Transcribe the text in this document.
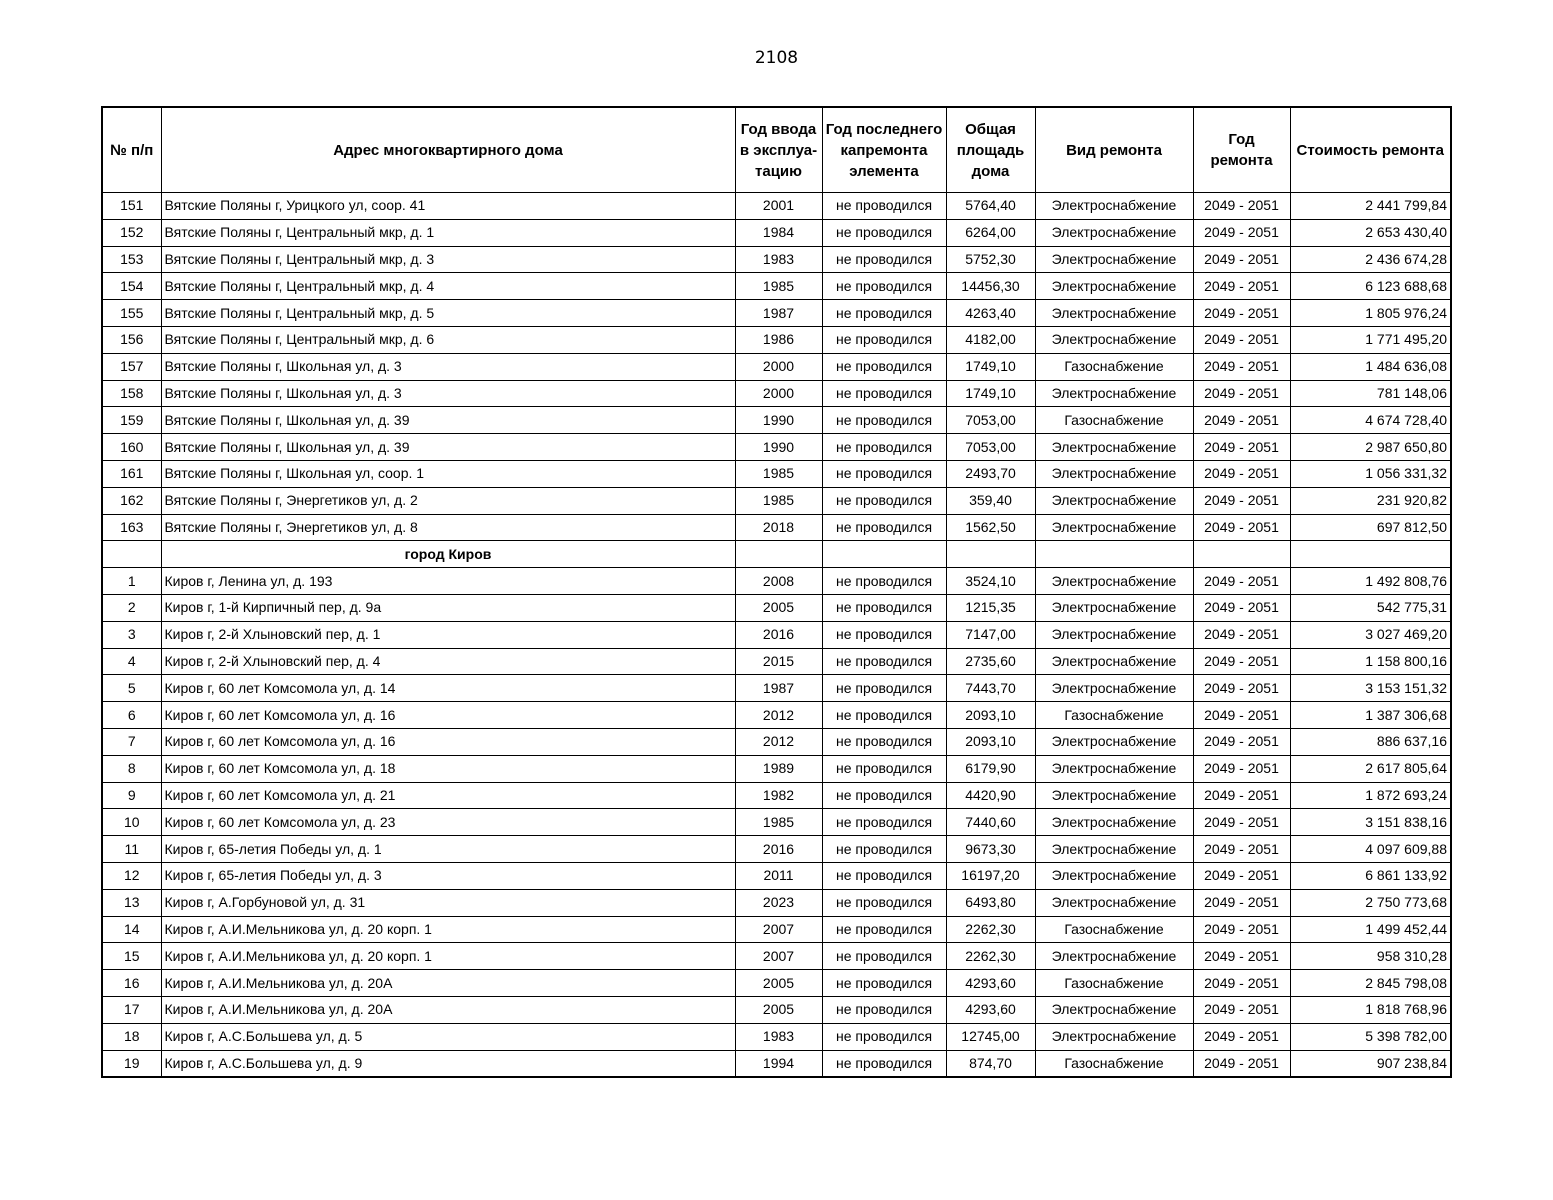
2108
№ п/п	Адрес многоквартирного дома	Год ввода в эксплуа-тацию	Год последнего капремонта элемента	Общая площадь дома	Вид ремонта	Год ремонта	Стоимость ремонта
151	Вятские Поляны г, Урицкого ул, соор. 41	2001	не проводился	5764,40	Электроснабжение	2049 - 2051	2 441 799,84
152	Вятские Поляны г, Центральный мкр, д. 1	1984	не проводился	6264,00	Электроснабжение	2049 - 2051	2 653 430,40
153	Вятские Поляны г, Центральный мкр, д. 3	1983	не проводился	5752,30	Электроснабжение	2049 - 2051	2 436 674,28
154	Вятские Поляны г, Центральный мкр, д. 4	1985	не проводился	14456,30	Электроснабжение	2049 - 2051	6 123 688,68
155	Вятские Поляны г, Центральный мкр, д. 5	1987	не проводился	4263,40	Электроснабжение	2049 - 2051	1 805 976,24
156	Вятские Поляны г, Центральный мкр, д. 6	1986	не проводился	4182,00	Электроснабжение	2049 - 2051	1 771 495,20
157	Вятские Поляны г, Школьная ул, д. 3	2000	не проводился	1749,10	Газоснабжение	2049 - 2051	1 484 636,08
158	Вятские Поляны г, Школьная ул, д. 3	2000	не проводился	1749,10	Электроснабжение	2049 - 2051	781 148,06
159	Вятские Поляны г, Школьная ул, д. 39	1990	не проводился	7053,00	Газоснабжение	2049 - 2051	4 674 728,40
160	Вятские Поляны г, Школьная ул, д. 39	1990	не проводился	7053,00	Электроснабжение	2049 - 2051	2 987 650,80
161	Вятские Поляны г, Школьная ул, соор. 1	1985	не проводился	2493,70	Электроснабжение	2049 - 2051	1 056 331,32
162	Вятские Поляны г, Энергетиков ул, д. 2	1985	не проводился	359,40	Электроснабжение	2049 - 2051	231 920,82
163	Вятские Поляны г, Энергетиков ул, д. 8	2018	не проводился	1562,50	Электроснабжение	2049 - 2051	697 812,50
	город Киров						
1	Киров г, Ленина ул, д. 193	2008	не проводился	3524,10	Электроснабжение	2049 - 2051	1 492 808,76
2	Киров г, 1-й Кирпичный пер, д. 9а	2005	не проводился	1215,35	Электроснабжение	2049 - 2051	542 775,31
3	Киров г, 2-й Хлыновский пер, д. 1	2016	не проводился	7147,00	Электроснабжение	2049 - 2051	3 027 469,20
4	Киров г, 2-й Хлыновский пер, д. 4	2015	не проводился	2735,60	Электроснабжение	2049 - 2051	1 158 800,16
5	Киров г, 60 лет Комсомола ул, д. 14	1987	не проводился	7443,70	Электроснабжение	2049 - 2051	3 153 151,32
6	Киров г, 60 лет Комсомола ул, д. 16	2012	не проводился	2093,10	Газоснабжение	2049 - 2051	1 387 306,68
7	Киров г, 60 лет Комсомола ул, д. 16	2012	не проводился	2093,10	Электроснабжение	2049 - 2051	886 637,16
8	Киров г, 60 лет Комсомола ул, д. 18	1989	не проводился	6179,90	Электроснабжение	2049 - 2051	2 617 805,64
9	Киров г, 60 лет Комсомола ул, д. 21	1982	не проводился	4420,90	Электроснабжение	2049 - 2051	1 872 693,24
10	Киров г, 60 лет Комсомола ул, д. 23	1985	не проводился	7440,60	Электроснабжение	2049 - 2051	3 151 838,16
11	Киров г, 65-летия Победы ул, д. 1	2016	не проводился	9673,30	Электроснабжение	2049 - 2051	4 097 609,88
12	Киров г, 65-летия Победы ул, д. 3	2011	не проводился	16197,20	Электроснабжение	2049 - 2051	6 861 133,92
13	Киров г, А.Горбуновой ул, д. 31	2023	не проводился	6493,80	Электроснабжение	2049 - 2051	2 750 773,68
14	Киров г, А.И.Мельникова ул, д. 20 корп. 1	2007	не проводился	2262,30	Газоснабжение	2049 - 2051	1 499 452,44
15	Киров г, А.И.Мельникова ул, д. 20 корп. 1	2007	не проводился	2262,30	Электроснабжение	2049 - 2051	958 310,28
16	Киров г, А.И.Мельникова ул, д. 20А	2005	не проводился	4293,60	Газоснабжение	2049 - 2051	2 845 798,08
17	Киров г, А.И.Мельникова ул, д. 20А	2005	не проводился	4293,60	Электроснабжение	2049 - 2051	1 818 768,96
18	Киров г, А.С.Большева ул, д. 5	1983	не проводился	12745,00	Электроснабжение	2049 - 2051	5 398 782,00
19	Киров г, А.С.Большева ул, д. 9	1994	не проводился	874,70	Газоснабжение	2049 - 2051	907 238,84
